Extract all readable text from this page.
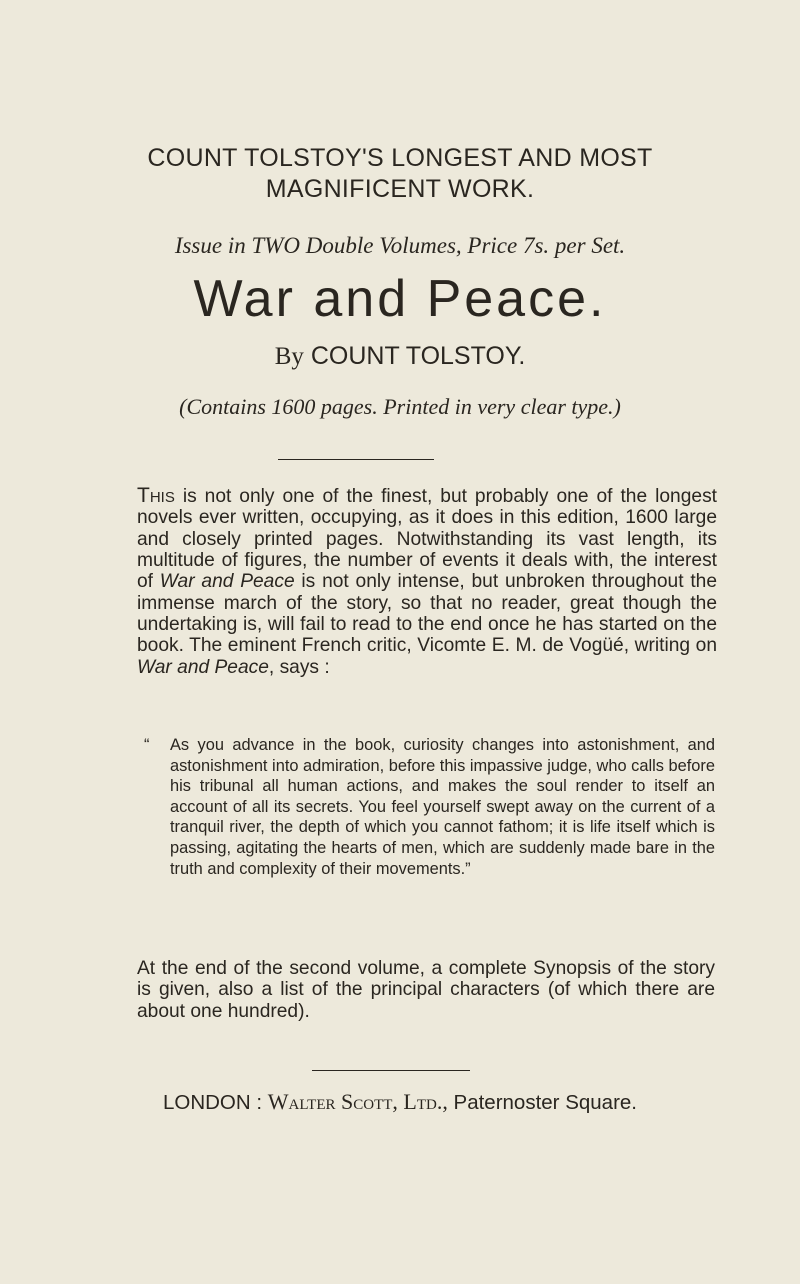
COUNT TOLSTOY'S LONGEST AND MOST
MAGNIFICENT WORK.
Issue in TWO Double Volumes, Price 7s. per Set.
War and Peace.
By COUNT TOLSTOY.
(Contains 1600 pages. Printed in very clear type.)
This is not only one of the finest, but probably one of the longest novels ever written, occupying, as it does in this edition, 1600 large and closely printed pages. Notwithstanding its vast length, its multitude of figures, the number of events it deals with, the interest of War and Peace is not only intense, but unbroken throughout the immense march of the story, so that no reader, great though the undertaking is, will fail to read to the end once he has started on the book. The eminent French critic, Vicomte E. M. de Vogüé, writing on War and Peace, says :
“ As you advance in the book, curiosity changes into astonishment, and astonishment into admiration, before this impassive judge, who calls before his tribunal all human actions, and makes the soul render to itself an account of all its secrets. You feel yourself swept away on the current of a tranquil river, the depth of which you cannot fathom; it is life itself which is passing, agitating the hearts of men, which are suddenly made bare in the truth and complexity of their movements.”
At the end of the second volume, a complete Synopsis of the story is given, also a list of the principal characters (of which there are about one hundred).
LONDON : Walter Scott, Ltd., Paternoster Square.
